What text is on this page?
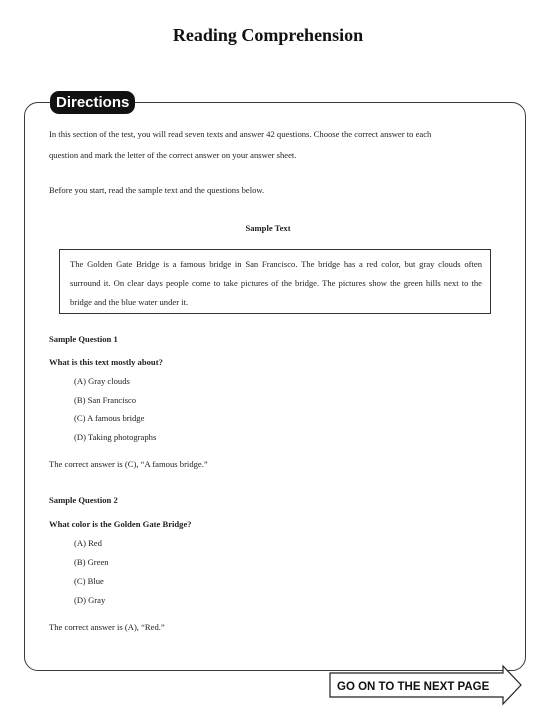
Reading Comprehension
Directions
In this section of the test, you will read seven texts and answer 42 questions. Choose the correct answer to each
question and mark the letter of the correct answer on your answer sheet.
Before you start, read the sample text and the questions below.
Sample Text
The Golden Gate Bridge is a famous bridge in San Francisco. The bridge has a red color, but gray clouds often surround it. On clear days people come to take pictures of the bridge. The pictures show the green hills next to the bridge and the blue water under it.
Sample Question 1
What is this text mostly about?
(A) Gray clouds
(B) San Francisco
(C) A famous bridge
(D) Taking photographs
The correct answer is (C), “A famous bridge.”
Sample Question 2
What color is the Golden Gate Bridge?
(A) Red
(B) Green
(C) Blue
(D) Gray
The correct answer is (A), “Red.”
GO ON TO THE NEXT PAGE
